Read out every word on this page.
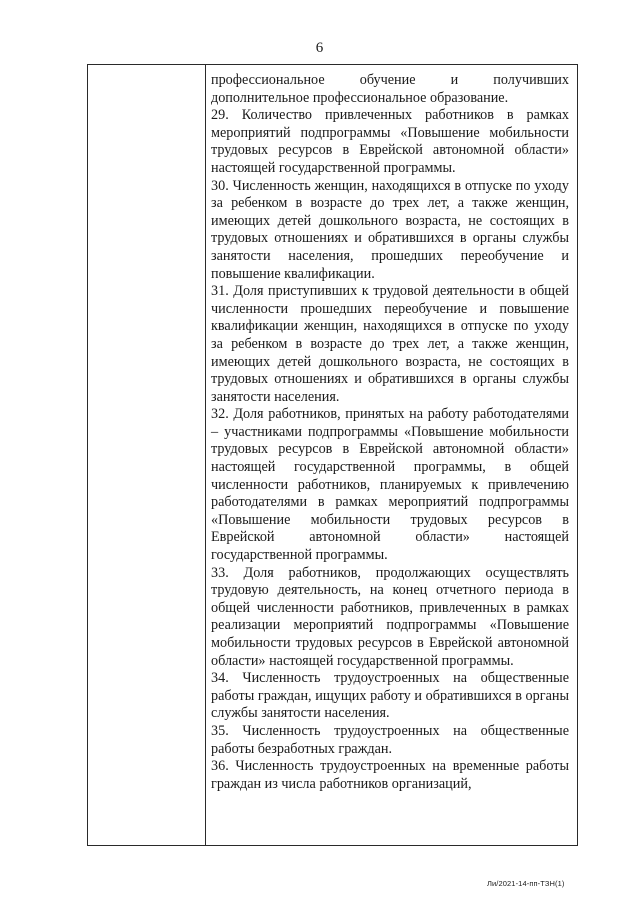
6

профессиональное обучение и получивших дополнительное профессиональное образование.

29. Количество привлеченных работников в рамках мероприятий подпрограммы «Повышение мобильности трудовых ресурсов в Еврейской автономной области» настоящей государственной программы.

30. Численность женщин, находящихся в отпуске по уходу за ребенком в возрасте до трех лет, а также женщин, имеющих детей дошкольного возраста, не состоящих в трудовых отношениях и обратившихся в органы службы занятости населения, прошедших переобучение и повышение квалификации.

31. Доля приступивших к трудовой деятельности в общей численности прошедших переобучение и повышение квалификации женщин, находящихся в отпуске по уходу за ребенком в возрасте до трех лет, а также женщин, имеющих детей дошкольного возраста, не состоящих в трудовых отношениях и обратившихся в органы службы занятости населения.

32. Доля работников, принятых на работу работодателями – участниками подпрограммы «Повышение мобильности трудовых ресурсов в Еврейской автономной области» настоящей государственной программы, в общей численности работников, планируемых к привлечению работодателями в рамках мероприятий подпрограммы «Повышение мобильности трудовых ресурсов в Еврейской автономной области» настоящей государственной программы.

33. Доля работников, продолжающих осуществлять трудовую деятельность, на конец отчетного периода в общей численности работников, привлеченных в рамках реализации мероприятий подпрограммы «Повышение мобильности трудовых ресурсов в Еврейской автономной области» настоящей государственной программы.

34. Численность трудоустроенных на общественные работы граждан, ищущих работу и обратившихся в органы службы занятости населения.

35. Численность трудоустроенных на общественные работы безработных граждан.

36. Численность трудоустроенных на временные работы граждан из числа работников организаций,

Ли/2021-14-пп-ТЗН(1)
